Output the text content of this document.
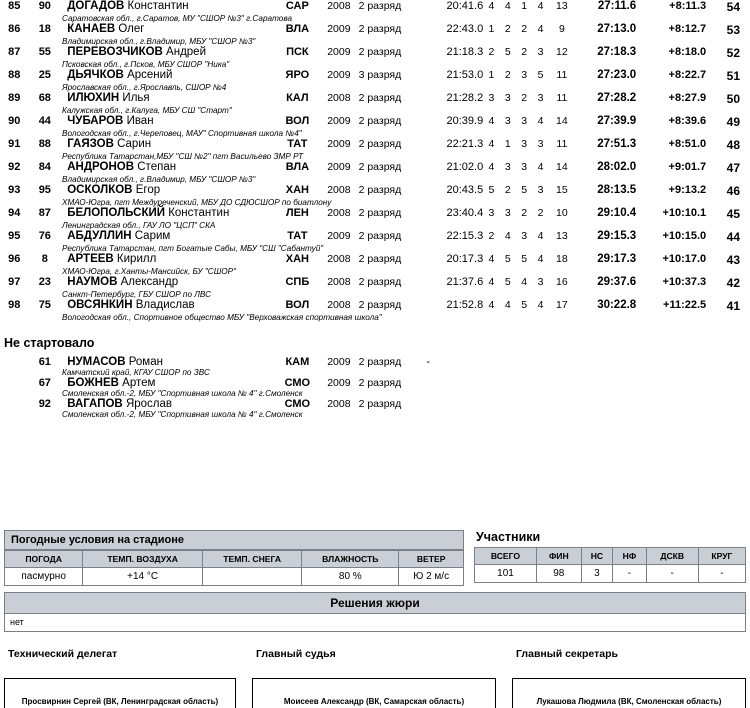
85	90	ДОГАДОВ Константин	САР	2008	2 разряд	20:41.6	4	4	1	4	13	27:11.6	+8:11.3	54

Саратовская обл., г.Саратов, МУ "СШОР №3" г.Саратова														

86	18	КАНАЕВ Олег	ВЛА	2009	2 разряд	22:43.0	1	2	2	4	9	27:13.0	+8:12.7	53

Владимирская обл., г.Владимир, МБУ "СШОР №3"														

87	55	ПЕРЕВОЗЧИКОВ Андрей	ПСК	2009	2 разряд	21:18.3	2	5	2	3	12	27:18.3	+8:18.0	52

Псковская обл., г.Псков, МБУ СШОР "Ника"														

88	25	ДЬЯЧКОВ Арсений	ЯРО	2009	3 разряд	21:53.0	1	2	3	5	11	27:23.0	+8:22.7	51

Ярославская обл., г.Ярославль, СШОР №4														

89	68	ИЛЮХИН Илья	КАЛ	2008	2 разряд	21:28.2	3	3	2	3	11	27:28.2	+8:27.9	50

Калужская обл., г.Калуга, МБУ СШ "Старт"														

90	44	ЧУБАРОВ Иван	ВОЛ	2009	2 разряд	20:39.9	4	3	3	4	14	27:39.9	+8:39.6	49

Вологодская обл., г.Череповец, МАУ" Спортивная школа №4"														

91	88	ГАЯЗОВ Сарин	ТАТ	2009	2 разряд	22:21.3	4	1	3	3	11	27:51.3	+8:51.0	48

Республика Татарстан,МБУ "СШ №2" пгт Васильево ЗМР РТ														

92	84	АНДРОНОВ Степан	ВЛА	2009	2 разряд	21:02.0	4	3	3	4	14	28:02.0	+9:01.7	47

Владимирская обл., г.Владимир, МБУ "СШОР №3"														

93	95	ОСКОЛКОВ Егор	ХАН	2008	2 разряд	20:43.5	5	2	5	3	15	28:13.5	+9:13.2	46

ХМАО-Югра, пгт Междуреченский, МБУ ДО СДЮСШОР по биатлону														

94	87	БЕЛОПОЛЬСКИЙ Константин	ЛЕН	2008	2 разряд	23:40.4	3	3	2	2	10	29:10.4	+10:10.1	45

Ленинградская обл., ГАУ ЛО "ЦСП" СКА														

95	76	АБДУЛЛИН Сарим	ТАТ	2009	2 разряд	22:15.3	2	4	3	4	13	29:15.3	+10:15.0	44

Республика Татарстан, пгт Богатые Сабы, МБУ "СШ "Сабантуй"														

96	8	АРТЕЕВ Кирилл	ХАН	2008	2 разряд	20:17.3	4	5	5	4	18	29:17.3	+10:17.0	43

ХМАО-Югра, г.Ханты-Мансийск, БУ "СШОР"														

97	23	НАУМОВ Александр	СПБ	2008	2 разряд	21:37.6	4	5	4	3	16	29:37.6	+10:37.3	42

Санкт-Петербург, ГБУ СШОР по ЛВС														

98	75	ОВСЯНКИН Владислав	ВОЛ	2008	2 разряд	21:52.8	4	4	5	4	17	30:22.8	+11:22.5	41

Вологодская обл., Спортивное общество МБУ "Верховажская спортивная школа"														
Не стартовало
	61	НУМАСОВ Роман	КАМ	2009	2 разряд	-								

Камчатский край, КГАУ СШОР по ЗВС														

	67	БОЖНЕВ Артем	СМО	2009	2 разряд									

Смоленская обл.-2, МБУ "Спортивная школа № 4" г.Смоленск														

	92	ВАГАПОВ Ярослав	СМО	2008	2 разряд									

Смоленская обл.-2, МБУ "Спортивная школа № 4" г.Смоленск														
Погодные условия на стадионе
ПОГОДА	ТЕМП. ВОЗДУХА	ТЕМП. СНЕГА	ВЛАЖНОСТЬ	ВЕТЕР
пасмурно	+14 °C		80 %	Ю 2 м/с
Участники
ВСЕГО	ФИН	НС	НФ	ДСКВ	КРУГ
101	98	3	-	-	-
Решения жюри
нет
Технический делегат
Просвирнин Сергей (ВК, Ленинградская область)
Главный судья
Моисеев Александр (ВК, Самарская область)
Главный секретарь
Лукашова Людмила (ВК, Смоленская область)
